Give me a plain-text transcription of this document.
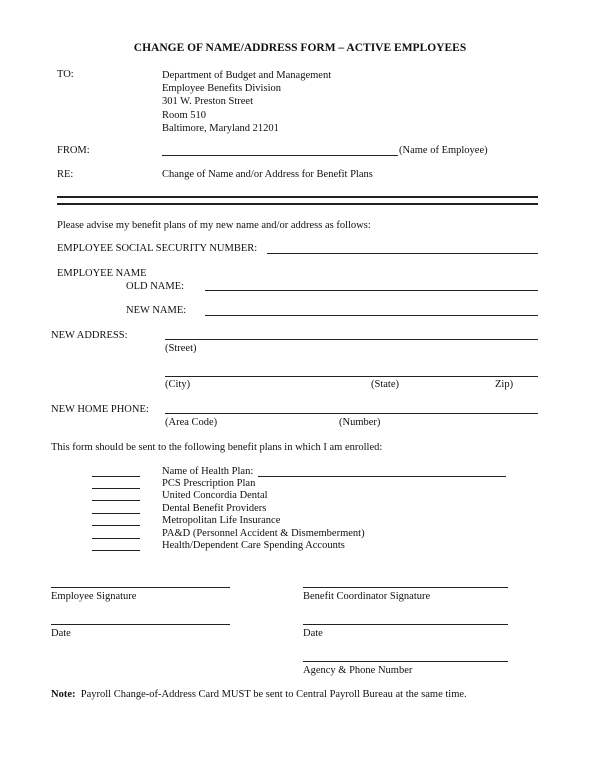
CHANGE OF NAME/ADDRESS FORM – ACTIVE EMPLOYEES
TO:	Department of Budget and Management
Employee Benefits Division
301 W. Preston Street
Room 510
Baltimore, Maryland 21201
FROM:	(Name of Employee)
RE:	Change of Name and/or Address for Benefit Plans
Please advise my benefit plans of my new name and/or address as follows:
EMPLOYEE SOCIAL SECURITY NUMBER:
EMPLOYEE NAME
OLD NAME:
NEW NAME:
NEW ADDRESS:
(Street)
(City)	(State)	Zip)
NEW HOME PHONE:
(Area Code)	(Number)
This form should be sent to the following benefit plans in which I am enrolled:
Name of Health Plan:
PCS Prescription Plan
United Concordia Dental
Dental Benefit Providers
Metropolitan Life Insurance
PA&D (Personnel Accident & Dismemberment)
Health/Dependent Care Spending Accounts
Employee Signature	Benefit Coordinator Signature
Date	Date
Agency & Phone Number
Note: Payroll Change-of-Address Card MUST be sent to Central Payroll Bureau at the same time.
